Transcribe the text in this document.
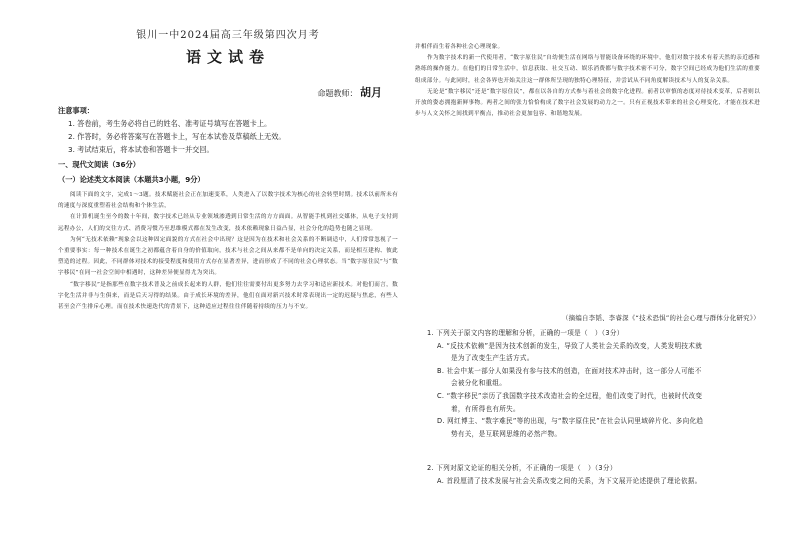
银川一中2024届高三年级第四次月考
语文试卷
命题教师： 胡月
注意事项：
1. 答卷前，考生务必将自己的姓名、准考证号填写在答题卡上。
2. 作答时，务必将答案写在答题卡上，写在本试卷及草稿纸上无效。
3. 考试结束后，将本试卷和答题卡一并交回。
一、现代文阅读（36分）
（一）论述类文本阅读（本题共3小题，9分）

阅读下面的文字，完成1～3题。技术赋能社会正在加速变革，人类进入了以数字技术为核心的社会转型时期。技术以前所未有的速度与深度重塑着社会结构和个体生活，

在计算机诞生至今的数十年间，数字技术已经从专业领域渗透到日常生活的方方面面。从智能手机到社交媒体，从电子支付到远程办公，人们的交往方式、消费习惯乃至思维模式都在发生改变，技术依赖现象日益凸显，社会分化的趋势也随之显现。

为何“无技术依赖”现象会以这种固定面貌的方式在社会中出现？这是因为在技术和社会关系的不断调适中，人们常常忽视了一个重要事实：每一种技术在诞生之初都蕴含着自身的价值取向，技术与社会之间从来都不是单向的决定关系，而是相互建构、彼此塑造的过程。因此，不同群体对技术的接受程度和使用方式存在显著差异，进而形成了不同的社会心理状态。当“数字原住民”与“数字移民”在同一社会空间中相遇时，这种差异便显得尤为突出。

“数字移民”是指那些在数字技术普及之前成长起来的人群，他们往往需要付出更多努力去学习和适应新技术。对他们而言，数字化生活并非与生俱来，而是后天习得的结果。由于成长环境的差异，他们在面对新兴技术时常表现出一定的迟疑与焦虑，有些人甚至会产生排斥心理。而在技术快速迭代的背景下，这种适应过程往往伴随着持续的压力与不安。

并相伴而生着各种社会心理现象。

作为数字技术的新一代使用者，“数字原住民”自幼便生活在网络与智能设备环绕的环境中，他们对数字技术有着天然的亲近感和熟练的操作能力。在他们的日常生活中，信息获取、社交互动、娱乐消费都与数字技术密不可分，数字空间已经成为他们生活的重要组成部分。与此同时，社会各界也开始关注这一群体所呈现的独特心理特征，并尝试从不同角度解读技术与人的复杂关系。

无论是“数字移民”还是“数字原住民”，都在以各自的方式参与着社会的数字化进程。前者以审慎的态度对待技术变革，后者则以开放的姿态拥抱新鲜事物。两者之间的张力恰恰构成了数字社会发展的动力之一。只有正视技术带来的社会心理变化，才能在技术进步与人文关怀之间找到平衡点，推动社会更加包容、和谐地发展。

（摘编自李韬、李睿深《“技术恐惧”的社会心理与群体分化研究》）

1. 下列关于原文内容的理解和分析，正确的一项是（　）（3分）

A. “反技术依赖”是因为技术创新的发生，导致了人类社会关系的改变，人类发明技术就

是为了改变生产生活方式。

B. 社会中某一部分人如果没有参与技术的创造，在面对技术冲击时，这一部分人可能不

会被分化和重组。

C. “数字移民”亲历了我国数字技术改造社会的全过程，他们改变了时代，也被时代改变

着，有所得也有所失。

D. 网红博主、“数字难民”等的出现，与“数字原住民”在社会认同里域碎片化、多向化趋

势有关，是互联网思维的必然产物。

2. 下列对原文论证的相关分析，不正确的一项是（　）（3分）

A. 首段厘清了技术发展与社会关系改变之间的关系，为下文展开论述提供了理论依据。
